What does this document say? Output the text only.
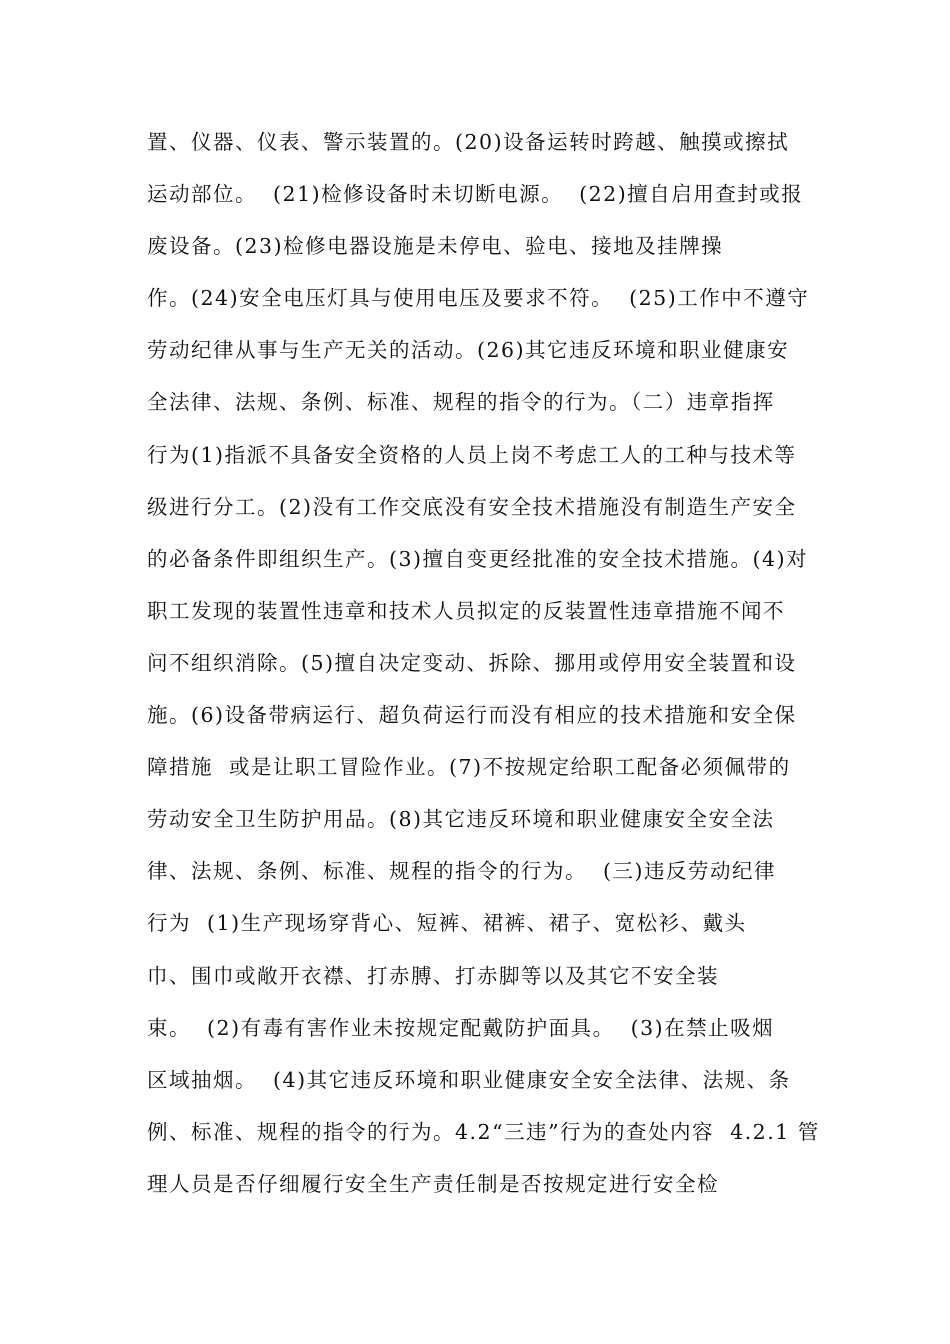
置、仪器、仪表、警示装置的。(20)设备运转时跨越、触摸或擦拭
运动部位。  (21)检修设备时未切断电源。  (22)擅自启用查封或报
废设备。(23)检修电器设施是未停电、验电、接地及挂牌操
作。(24)安全电压灯具与使用电压及要求不符。  (25)工作中不遵守
劳动纪律从事与生产无关的活动。(26)其它违反环境和职业健康安
全法律、法规、条例、标准、规程的指令的行为。（二）违章指挥
行为(1)指派不具备安全资格的人员上岗不考虑工人的工种与技术等
级进行分工。(2)没有工作交底没有安全技术措施没有制造生产安全
的必备条件即组织生产。(3)擅自变更经批准的安全技术措施。(4)对
职工发现的装置性违章和技术人员拟定的反装置性违章措施不闻不
问不组织消除。(5)擅自决定变动、拆除、挪用或停用安全装置和设
施。(6)设备带病运行、超负荷运行而没有相应的技术措施和安全保
障措施  或是让职工冒险作业。(7)不按规定给职工配备必须佩带的
劳动安全卫生防护用品。(8)其它违反环境和职业健康安全安全法
律、法规、条例、标准、规程的指令的行为。  (三)违反劳动纪律
行为  (1)生产现场穿背心、短裤、裙裤、裙子、宽松衫、戴头
巾、围巾或敞开衣襟、打赤膊、打赤脚等以及其它不安全装
束。  (2)有毒有害作业未按规定配戴防护面具。  (3)在禁止吸烟
区域抽烟。  (4)其它违反环境和职业健康安全安全法律、法规、条
例、标准、规程的指令的行为。4.2“三违”行为的查处内容  4.2.1 管
理人员是否仔细履行安全生产责任制是否按规定进行安全检
